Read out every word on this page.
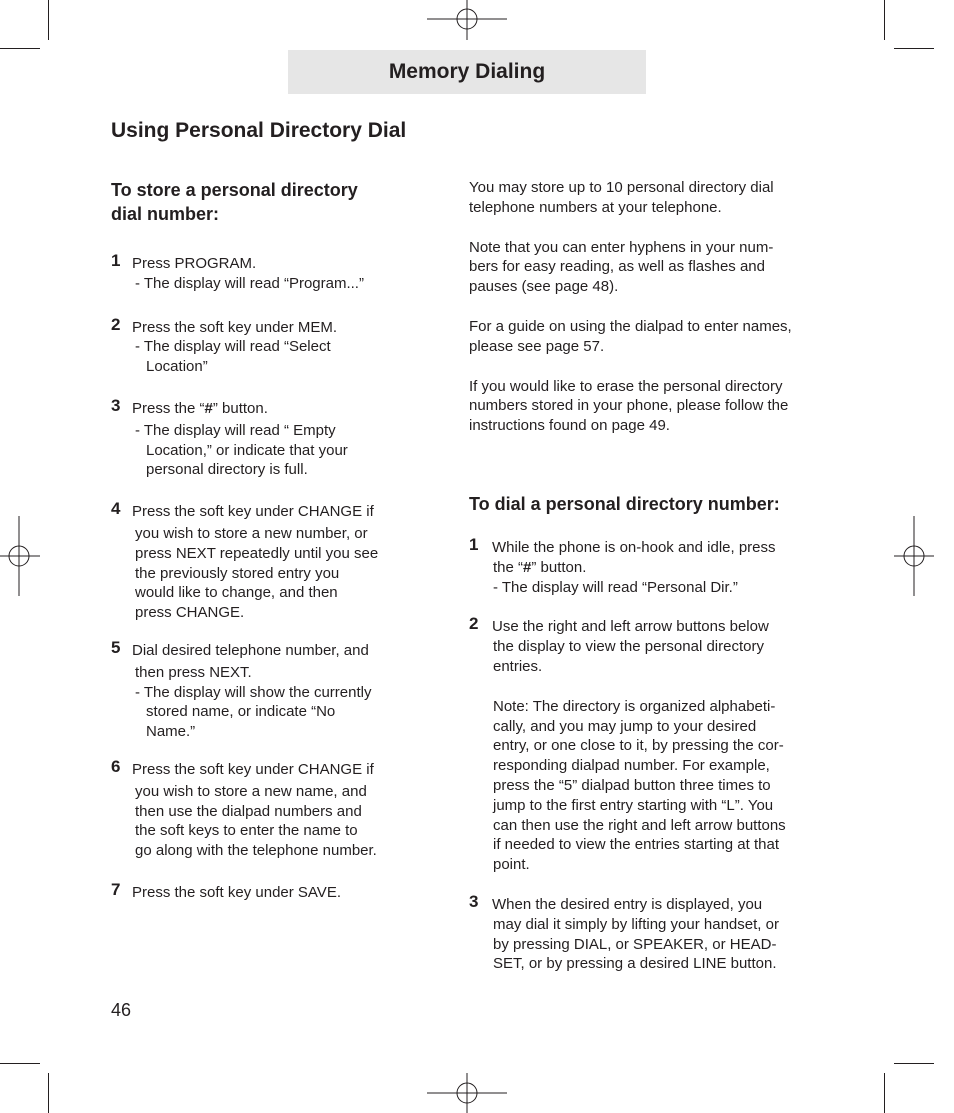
Memory Dialing
Using Personal Directory Dial

To store a personal directory
dial number:

1 Press PROGRAM.
- The display will read “Program...”
2 Press the soft key under MEM.
- The display will read “Select
Location”
3 Press the “#” button.
- The display will read “ Empty
Location,” or indicate that your
personal directory is full.
4 Press the soft key under CHANGE if
you wish to store a new number, or
press NEXT repeatedly until you see
the previously stored entry you
would like to change, and then
press CHANGE.
5 Dial desired telephone number, and
then press NEXT.
- The display will show the currently
stored name, or indicate “No
Name.”
6 Press the soft key under CHANGE if
you wish to store a new name, and
then use the dialpad numbers and
the soft keys to enter the name to
go along with the telephone number.
7 Press the soft key under SAVE.

You may store up to 10 personal directory dial
telephone numbers at your telephone.

Note that you can enter hyphens in your num-
bers for easy reading, as well as flashes and
pauses (see page 48).

For a guide on using the dialpad to enter names,
please see page 57.

If you would like to erase the personal directory
numbers stored in your phone, please follow the
instructions found on page 49.

To dial a personal directory number:

1 While the phone is on-hook and idle, press
the “#” button.
- The display will read “Personal Dir.”
2 Use the right and left arrow buttons below
the display to view the personal directory
entries.
Note: The directory is organized alphabeti-
cally, and you may jump to your desired
entry, or one close to it, by pressing the cor-
responding dialpad number. For example,
press the “5” dialpad button three times to
jump to the first entry starting with “L”. You
can then use the right and left arrow buttons
if needed to view the entries starting at that
point.
3 When the desired entry is displayed, you
may dial it simply by lifting your handset, or
by pressing DIAL, or SPEAKER, or HEAD-
SET, or by pressing a desired LINE button.
46
